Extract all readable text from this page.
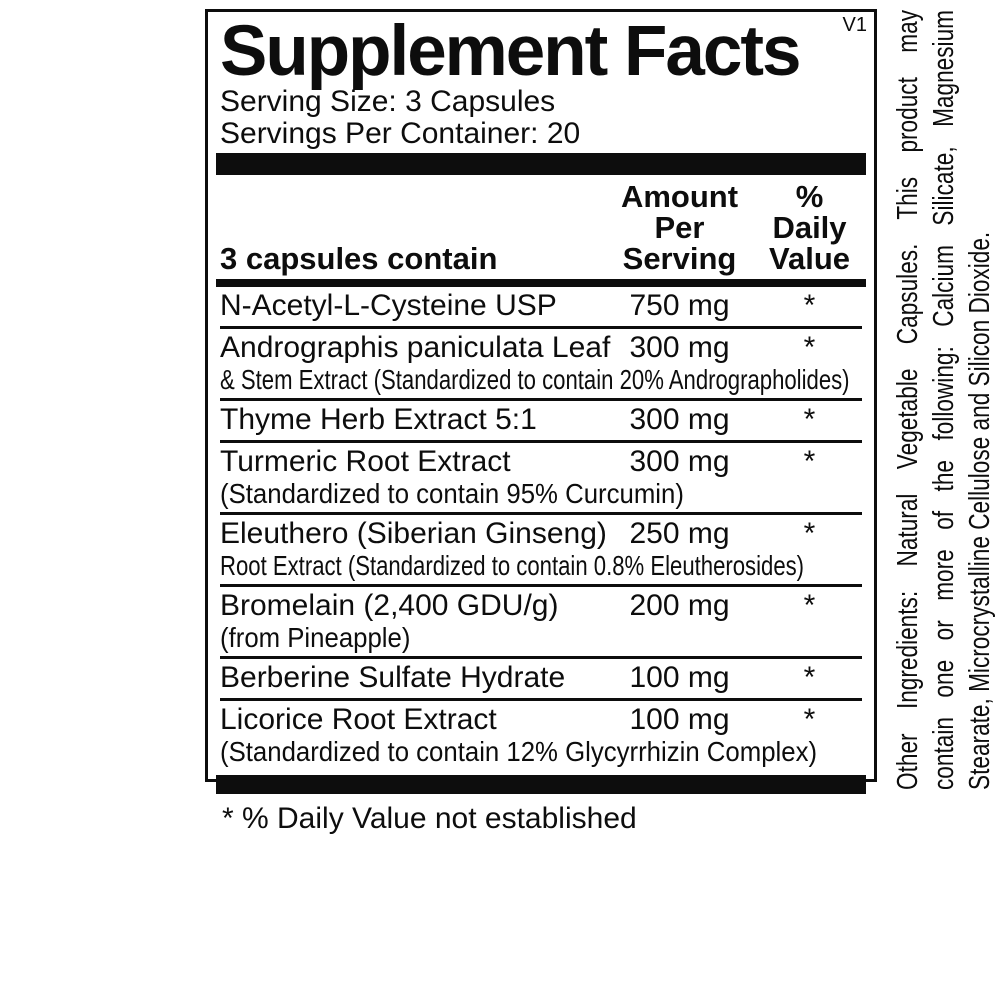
V1
Supplement Facts
Serving Size: 3 Capsules
Servings Per Container: 20
3 capsules contain
Amount Per
Serving
% Daily
Value
N-Acetyl-L-Cysteine USP	750 mg	*
Andrographis paniculata Leaf 300 mg	*
& Stem Extract (Standardized to contain 20% Andrographolides)
Thyme Herb Extract 5:1	300 mg	*
Turmeric Root Extract	300 mg	*
(Standardized to contain 95% Curcumin)
Eleuthero (Siberian Ginseng) 250 mg	*
Root Extract (Standardized to contain 0.8% Eleutherosides)
Bromelain (2,400 GDU/g)	200 mg	*
(from Pineapple)
Berberine Sulfate Hydrate	100 mg	*
Licorice Root Extract	100 mg	*
(Standardized to contain 12% Glycyrrhizin Complex)
* % Daily Value not established
Other Ingredients: Natural Vegetable Capsules. This product may contain one or more of the following: Calcium Silicate, Magnesium Stearate, Microcrystalline Cellulose and Silicon Dioxide.
